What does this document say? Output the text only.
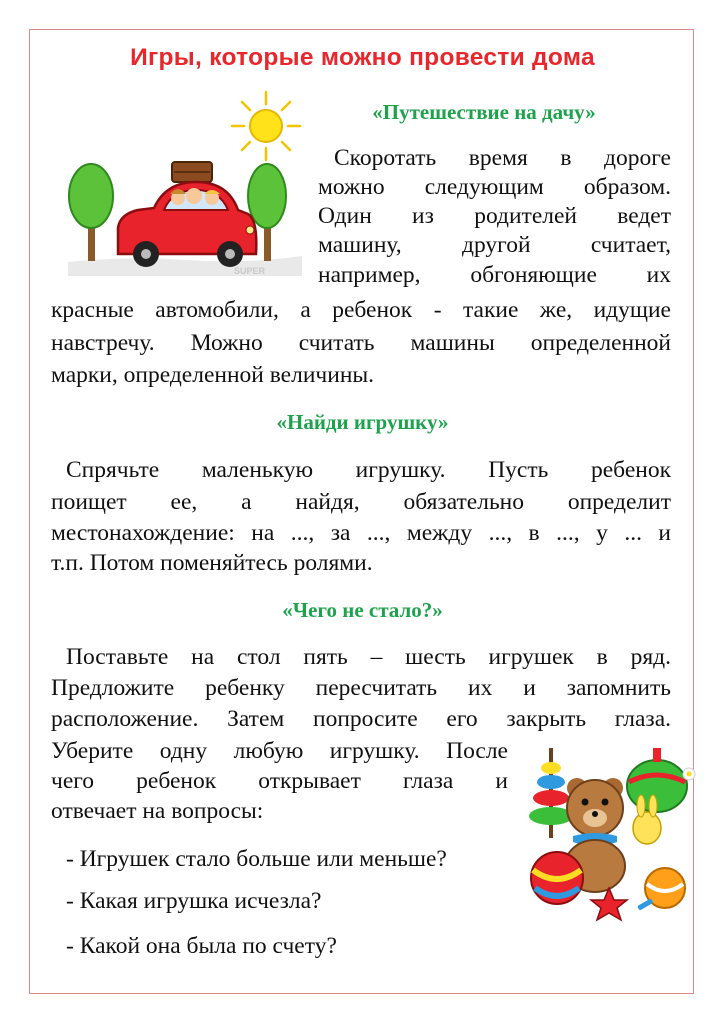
Игры, которые можно провести дома
SUPER
«Путешествие на дачу»
Скоротать время в дороге
можно следующим образом.
Один из родителей ведет
машину, другой считает,
например, обгоняющие их
красные автомобили, а ребенок - такие же, идущие
навстречу. Можно считать машины определенной
марки, определенной величины.
«Найди игрушку»
Спрячьте маленькую игрушку. Пусть ребенок
поищет ее, а найдя, обязательно определит
местонахождение: на ..., за ..., между ..., в ..., у ... и
т.п. Потом поменяйтесь ролями.
«Чего не стало?»
Поставьте на стол пять – шесть игрушек в ряд.
Предложите ребенку пересчитать их и запомнить
расположение. Затем попросите его закрыть глаза.
Уберите одну любую игрушку. После
чего ребенок открывает глаза и
отвечает на вопросы:
- Игрушек стало больше или меньше?
- Какая игрушка исчезла?
- Какой она была по счету?
